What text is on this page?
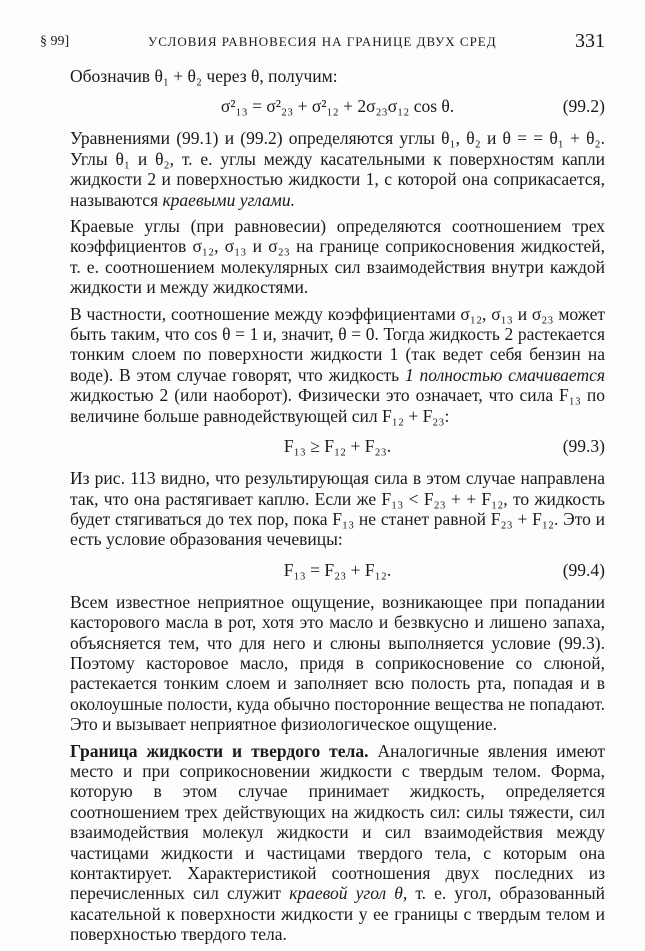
§ 99]	УСЛОВИЯ РАВНОВЕСИЯ НА ГРАНИЦЕ ДВУХ СРЕД	331

Обозначив θ₁ + θ₂ через θ, получим:

σ²₁₃ = σ²₂₃ + σ²₁₂ + 2σ₂₃σ₁₂ cos θ.	(99.2)

Уравнениями (99.1) и (99.2) определяются углы θ₁, θ₂ и θ = = θ₁ + θ₂. Углы θ₁ и θ₂, т. е. углы между касательными к поверхностям капли жидкости 2 и поверхностью жидкости 1, с которой она соприкасается, называются краевыми углами.

Краевые углы (при равновесии) определяются соотношением трех коэффициентов σ₁₂, σ₁₃ и σ₂₃ на границе соприкосновения жидкостей, т. е. соотношением молекулярных сил взаимодействия внутри каждой жидкости и между жидкостями.

В частности, соотношение между коэффициентами σ₁₂, σ₁₃ и σ₂₃ может быть таким, что cos θ = 1 и, значит, θ = 0. Тогда жидкость 2 растекается тонким слоем по поверхности жидкости 1 (так ведет себя бензин на воде). В этом случае говорят, что жидкость 1 полностью смачивается жидкостью 2 (или наоборот). Физически это означает, что сила F₁₃ по величине больше равнодействующей сил F₁₂ + F₂₃:

F₁₃ ≥ F₁₂ + F₂₃.	(99.3)

Из рис. 113 видно, что результирующая сила в этом случае направлена так, что она растягивает каплю. Если же F₁₃ < F₂₃ + + F₁₂, то жидкость будет стягиваться до тех пор, пока F₁₃ не станет равной F₂₃ + F₁₂. Это и есть условие образования чечевицы:

F₁₃ = F₂₃ + F₁₂.	(99.4)

Всем известное неприятное ощущение, возникающее при попадании касторового масла в рот, хотя это масло и безвкусно и лишено запаха, объясняется тем, что для него и слюны выполняется условие (99.3). Поэтому касторовое масло, придя в соприкосновение со слюной, растекается тонким слоем и заполняет всю полость рта, попадая и в околоушные полости, куда обычно посторонние вещества не попадают. Это и вызывает неприятное физиологическое ощущение.

Граница жидкости и твердого тела. Аналогичные явления имеют место и при соприкосновении жидкости с твердым телом. Форма, которую в этом случае принимает жидкость, определяется соотношением трех действующих на жидкость сил: силы тяжести, сил взаимодействия молекул жидкости и сил взаимодействия между частицами жидкости и частицами твердого тела, с которым она контактирует. Характеристикой соотношения двух последних из перечисленных сил служит краевой угол θ, т. е. угол, образованный касательной к поверхности жидкости у ее границы с твердым телом и поверхностью твердого тела.
